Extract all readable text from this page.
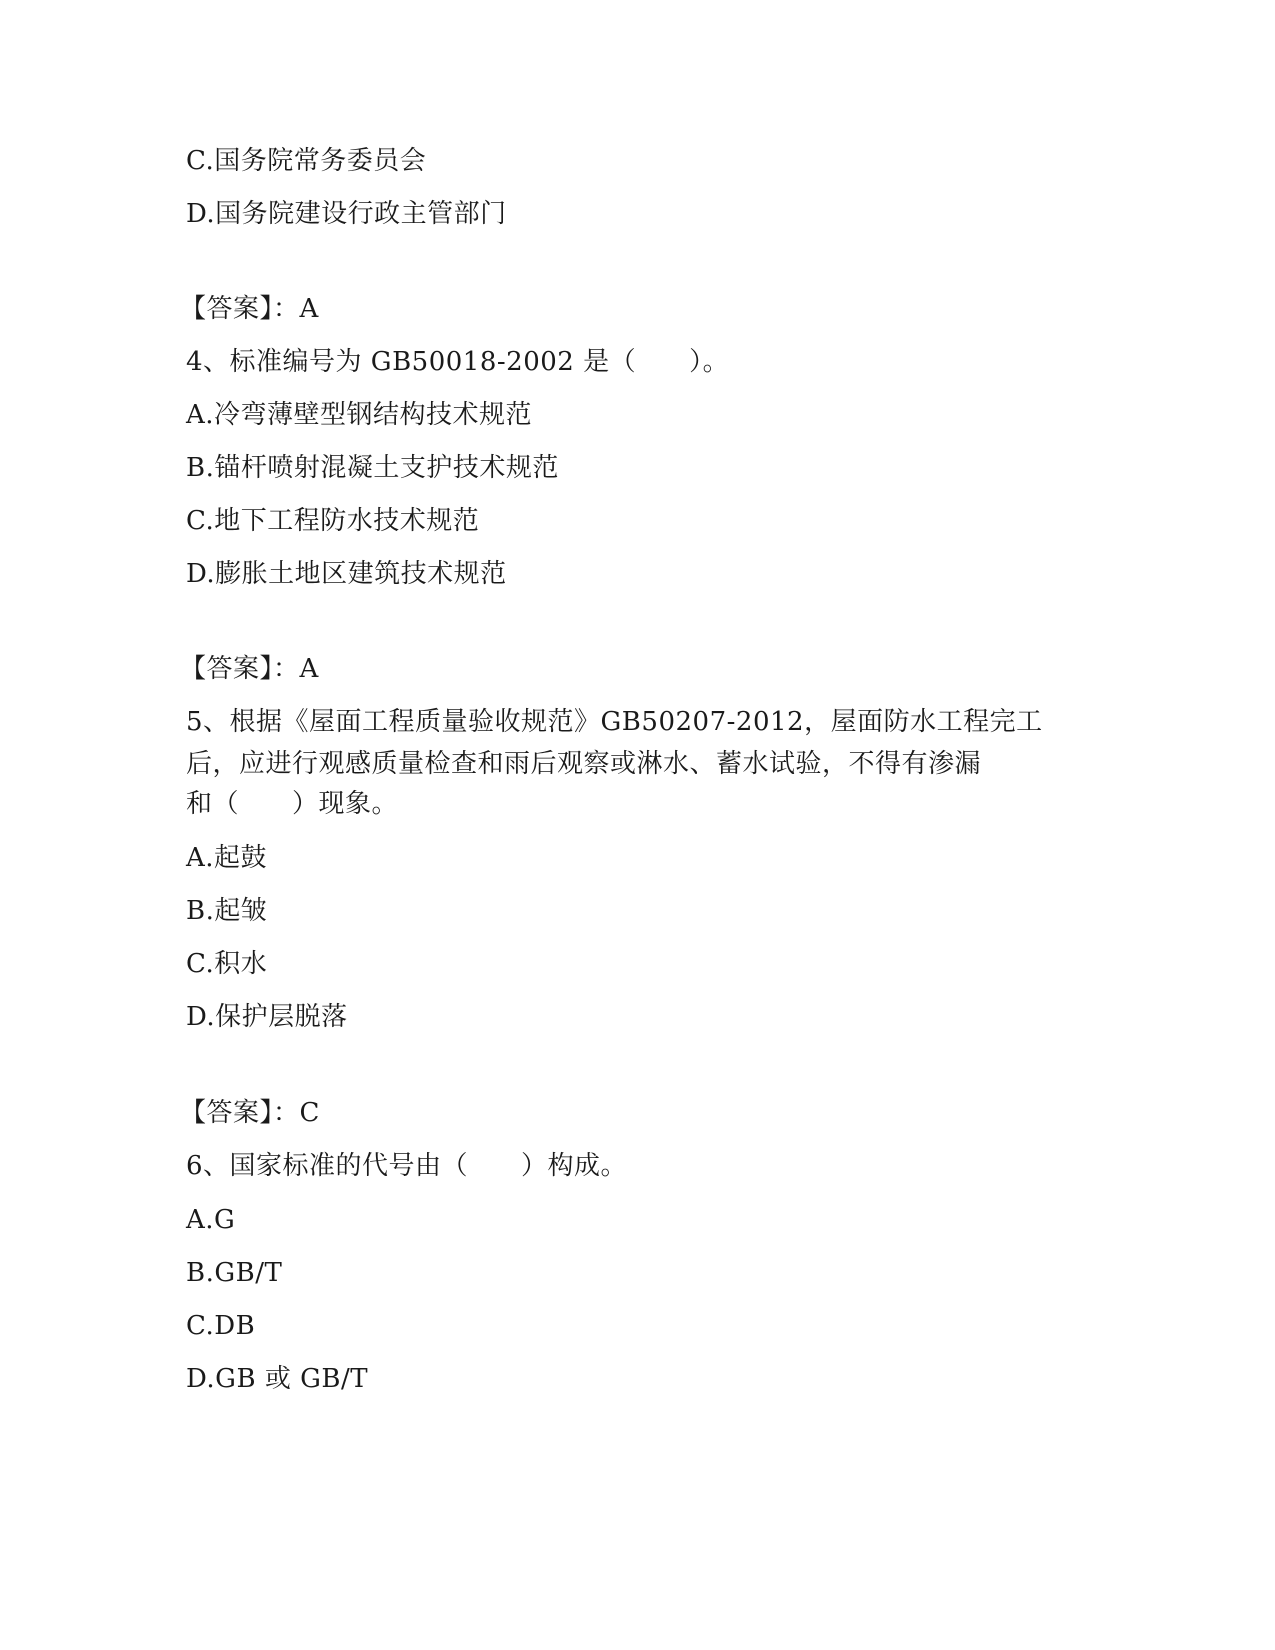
C.国务院常务委员会
D.国务院建设行政主管部门
【答案】：A
4、标准编号为 GB50018-2002 是（　　）。
A.冷弯薄壁型钢结构技术规范
B.锚杆喷射混凝土支护技术规范
C.地下工程防水技术规范
D.膨胀土地区建筑技术规范
【答案】：A
5、根据《屋面工程质量验收规范》GB50207-2012，屋面防水工程完工
后，应进行观感质量检查和雨后观察或淋水、蓄水试验，不得有渗漏
和（　　）现象。
A.起鼓
B.起皱
C.积水
D.保护层脱落
【答案】：C
6、国家标准的代号由（　　）构成。
A.G
B.GB/T
C.DB
D.GB 或 GB/T
